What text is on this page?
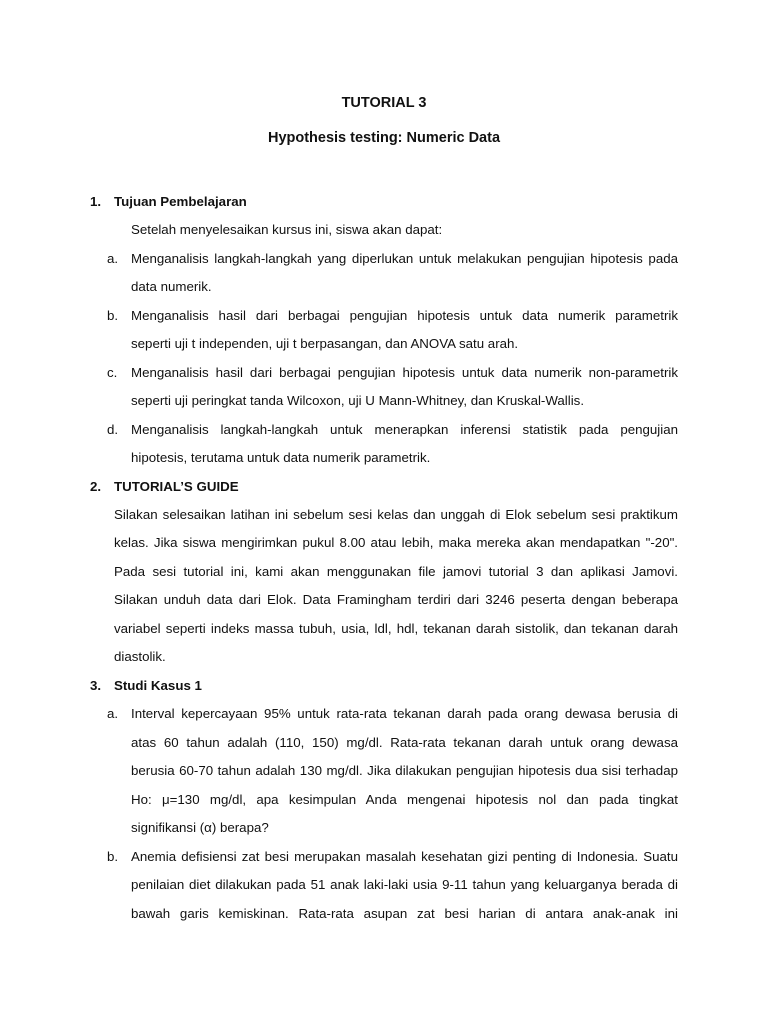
TUTORIAL 3
Hypothesis testing: Numeric Data
1. Tujuan Pembelajaran
Setelah menyelesaikan kursus ini, siswa akan dapat:
a. Menganalisis langkah-langkah yang diperlukan untuk melakukan pengujian hipotesis pada
data numerik.
b. Menganalisis hasil dari berbagai pengujian hipotesis untuk data numerik parametrik
seperti uji t independen, uji t berpasangan, dan ANOVA satu arah.
c. Menganalisis hasil dari berbagai pengujian hipotesis untuk data numerik non-parametrik
seperti uji peringkat tanda Wilcoxon, uji U Mann-Whitney, dan Kruskal-Wallis.
d. Menganalisis langkah-langkah untuk menerapkan inferensi statistik pada pengujian
hipotesis, terutama untuk data numerik parametrik.
2. TUTORIAL’S GUIDE
Silakan selesaikan latihan ini sebelum sesi kelas dan unggah di Elok sebelum sesi praktikum
kelas. Jika siswa mengirimkan pukul 8.00 atau lebih, maka mereka akan mendapatkan "-20".
Pada sesi tutorial ini, kami akan menggunakan file jamovi tutorial 3 dan aplikasi Jamovi.
Silakan unduh data dari Elok. Data Framingham terdiri dari 3246 peserta dengan beberapa
variabel seperti indeks massa tubuh, usia, ldl, hdl, tekanan darah sistolik, dan tekanan darah
diastolik.
3. Studi Kasus 1
a. Interval kepercayaan 95% untuk rata-rata tekanan darah pada orang dewasa berusia di
atas 60 tahun adalah (110, 150) mg/dl. Rata-rata tekanan darah untuk orang dewasa
berusia 60-70 tahun adalah 130 mg/dl. Jika dilakukan pengujian hipotesis dua sisi terhadap
Ho: μ=130 mg/dl, apa kesimpulan Anda mengenai hipotesis nol dan pada tingkat
signifikansi (α) berapa?
b. Anemia defisiensi zat besi merupakan masalah kesehatan gizi penting di Indonesia. Suatu
penilaian diet dilakukan pada 51 anak laki-laki usia 9-11 tahun yang keluarganya berada di
bawah garis kemiskinan. Rata-rata asupan zat besi harian di antara anak-anak ini
